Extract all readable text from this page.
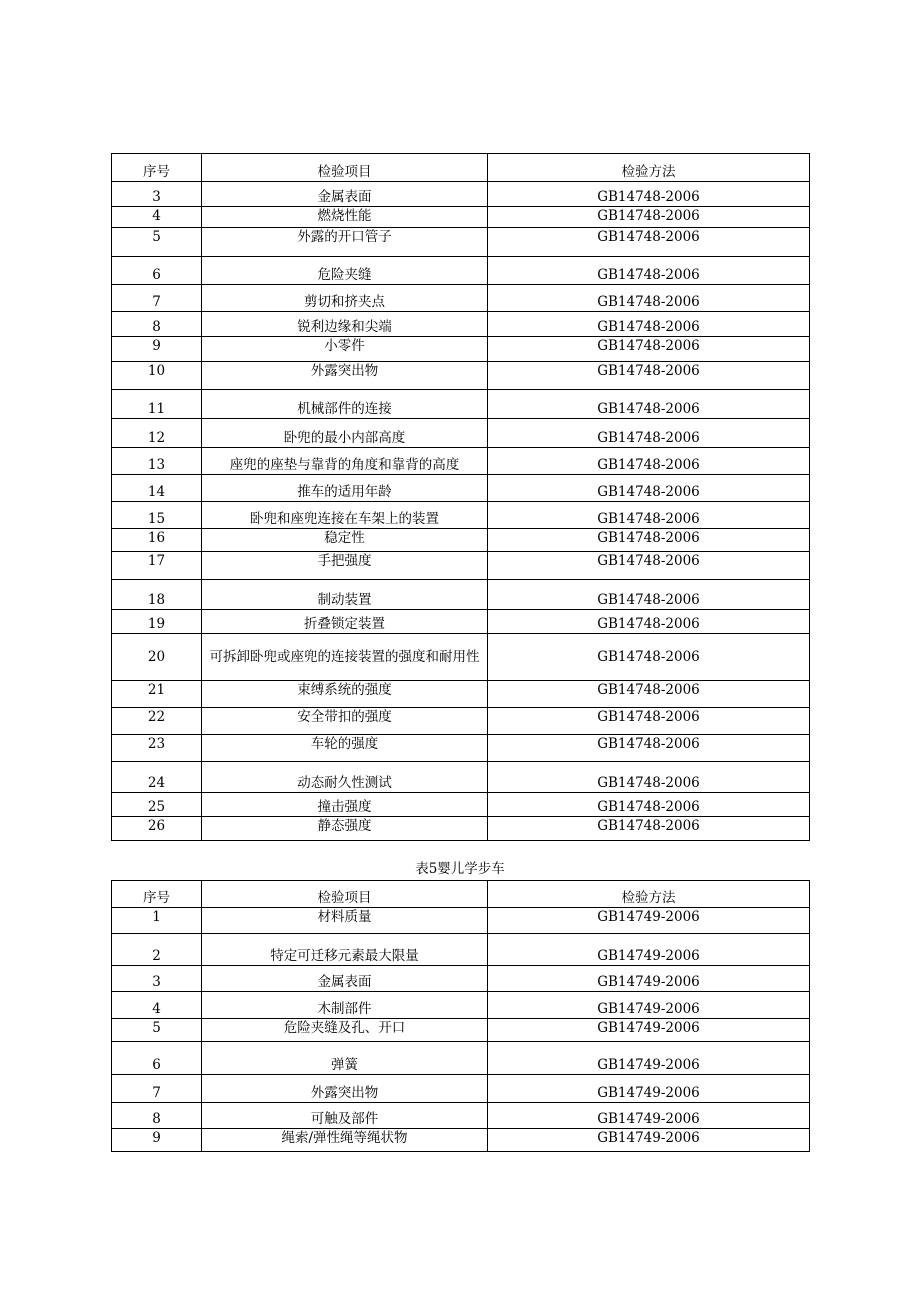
序号	检验项目	检验方法
3	金属表面	GB14748-2006
4	燃烧性能	GB14748-2006
5	外露的开口管子	GB14748-2006
6	危险夹缝	GB14748-2006
7	剪切和挤夹点	GB14748-2006
8	锐利边缘和尖端	GB14748-2006
9	小零件	GB14748-2006
10	外露突出物	GB14748-2006
11	机械部件的连接	GB14748-2006
12	卧兜的最小内部高度	GB14748-2006
13	座兜的座垫与靠背的角度和靠背的高度	GB14748-2006
14	推车的适用年龄	GB14748-2006
15	卧兜和座兜连接在车架上的装置	GB14748-2006
16	稳定性	GB14748-2006
17	手把强度	GB14748-2006
18	制动装置	GB14748-2006
19	折叠锁定装置	GB14748-2006
20	可拆卸卧兜或座兜的连接装置的强度和耐用性	GB14748-2006
21	束缚系统的强度	GB14748-2006
22	安全带扣的强度	GB14748-2006
23	车轮的强度	GB14748-2006
24	动态耐久性测试	GB14748-2006
25	撞击强度	GB14748-2006
26	静态强度	GB14748-2006
表5婴儿学步车
序号	检验项目	检验方法
1	材料质量	GB14749-2006
2	特定可迁移元素最大限量	GB14749-2006
3	金属表面	GB14749-2006
4	木制部件	GB14749-2006
5	危险夹缝及孔、开口	GB14749-2006
6	弹簧	GB14749-2006
7	外露突出物	GB14749-2006
8	可触及部件	GB14749-2006
9	绳索/弹性绳等绳状物	GB14749-2006
